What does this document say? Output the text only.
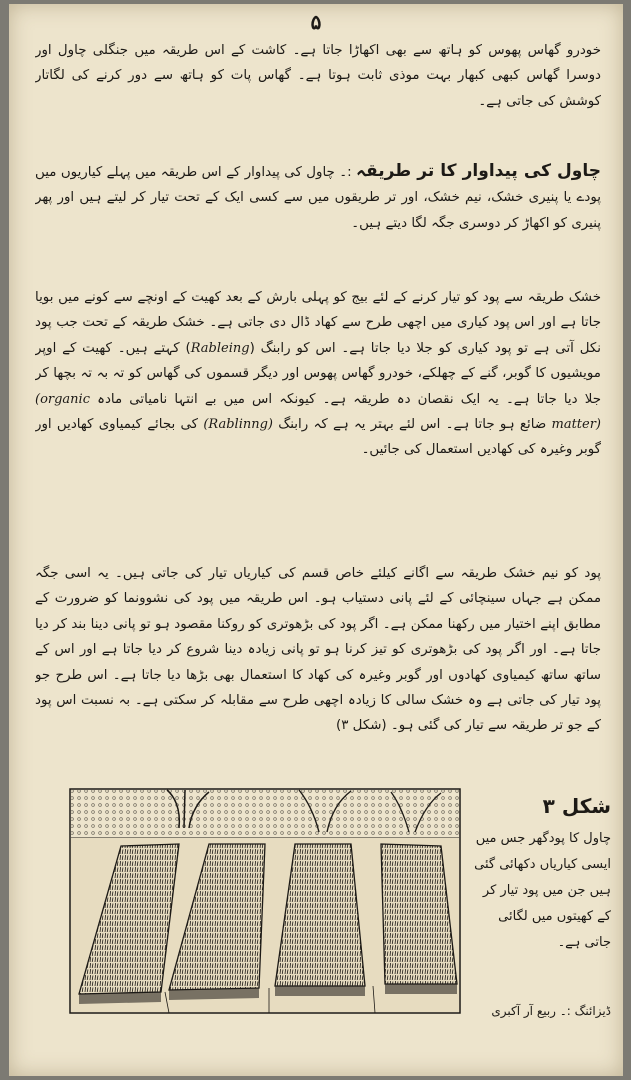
۵

خودرو گھاس پھوس کو ہاتھ سے بھی اکھاڑا جاتا ہے۔ کاشت کے اس طریقہ میں جنگلی چاول اور دوسرا گھاس کبھی کبھار بہت موذی ثابت ہوتا ہے۔ گھاس پات کو ہاتھ سے دور کرنے کی لگاتار کوشش کی جاتی ہے۔

چاول کی پیداوار کا تر طریقہ :۔ چاول کی پیداوار کے اس طریقہ میں پہلے کیاریوں میں پودے یا پنیری خشک، نیم خشک، اور تر طریقوں میں سے کسی ایک کے تحت تیار کر لیتے ہیں اور پھر پنیری کو اکھاڑ کر دوسری جگہ لگا دیتے ہیں۔

خشک طریقہ سے پود کو تیار کرنے کے لئے بیج کو پہلی بارش کے بعد کھیت کے اونچے سے کونے میں بویا جاتا ہے اور اس پود کیاری میں اچھی طرح سے کھاد ڈال دی جاتی ہے۔ خشک طریقہ کے تحت جب پود نکل آتی ہے تو پود کیاری کو جلا دیا جاتا ہے۔ اس کو رابنگ (Rableing) کہتے ہیں۔ کھیت کے اوپر مویشیوں کا گوبر، گنے کے چھلکے، خودرو گھاس پھوس اور دیگر قسموں کی گھاس کو تہ بہ تہ بچھا کر جلا دیا جاتا ہے۔ یہ ایک نقصان دہ طریقہ ہے۔ کیونکہ اس میں بے انتہا نامیاتی مادہ (organic matter) ضائع ہو جاتا ہے۔ اس لئے بہتر یہ ہے کہ رابنگ (Rablinng) کی بجائے کیمیاوی کھادیں اور گوبر وغیرہ کی کھادیں استعمال کی جائیں۔

پود کو نیم خشک طریقہ سے اگانے کیلئے خاص قسم کی کیاریاں تیار کی جاتی ہیں۔ یہ اسی جگہ ممکن ہے جہاں سینچائی کے لئے پانی دستیاب ہو۔ اس طریقہ میں پود کی نشوونما کو ضرورت کے مطابق اپنے اختیار میں رکھنا ممکن ہے۔ اگر پود کی بڑھوتری کو روکنا مقصود ہو تو پانی دینا بند کر دیا جاتا ہے۔ اور اگر پود کی بڑھوتری کو تیز کرنا ہو تو پانی زیادہ دینا شروع کر دیا جاتا ہے اور اس کے ساتھ ساتھ کیمیاوی کھادوں اور گوبر وغیرہ کی کھاد کا استعمال بھی بڑھا دیا جاتا ہے۔ اس طرح جو پود تیار کی جاتی ہے وہ خشک سالی کا زیادہ اچھی طرح سے مقابلہ کر سکتی ہے۔ بہ نسبت اس پود کے جو تر طریقہ سے تیار کی گئی ہو۔ (شکل ۳)

شکل ۳

چاول کا پودگھر جس میں ایسی کیاریاں دکھائی گئی ہیں جن میں پود تیار کر کے کھیتوں میں لگائی جاتی ہے۔

ڈیزائنگ :۔ ربیع آر آکبری
